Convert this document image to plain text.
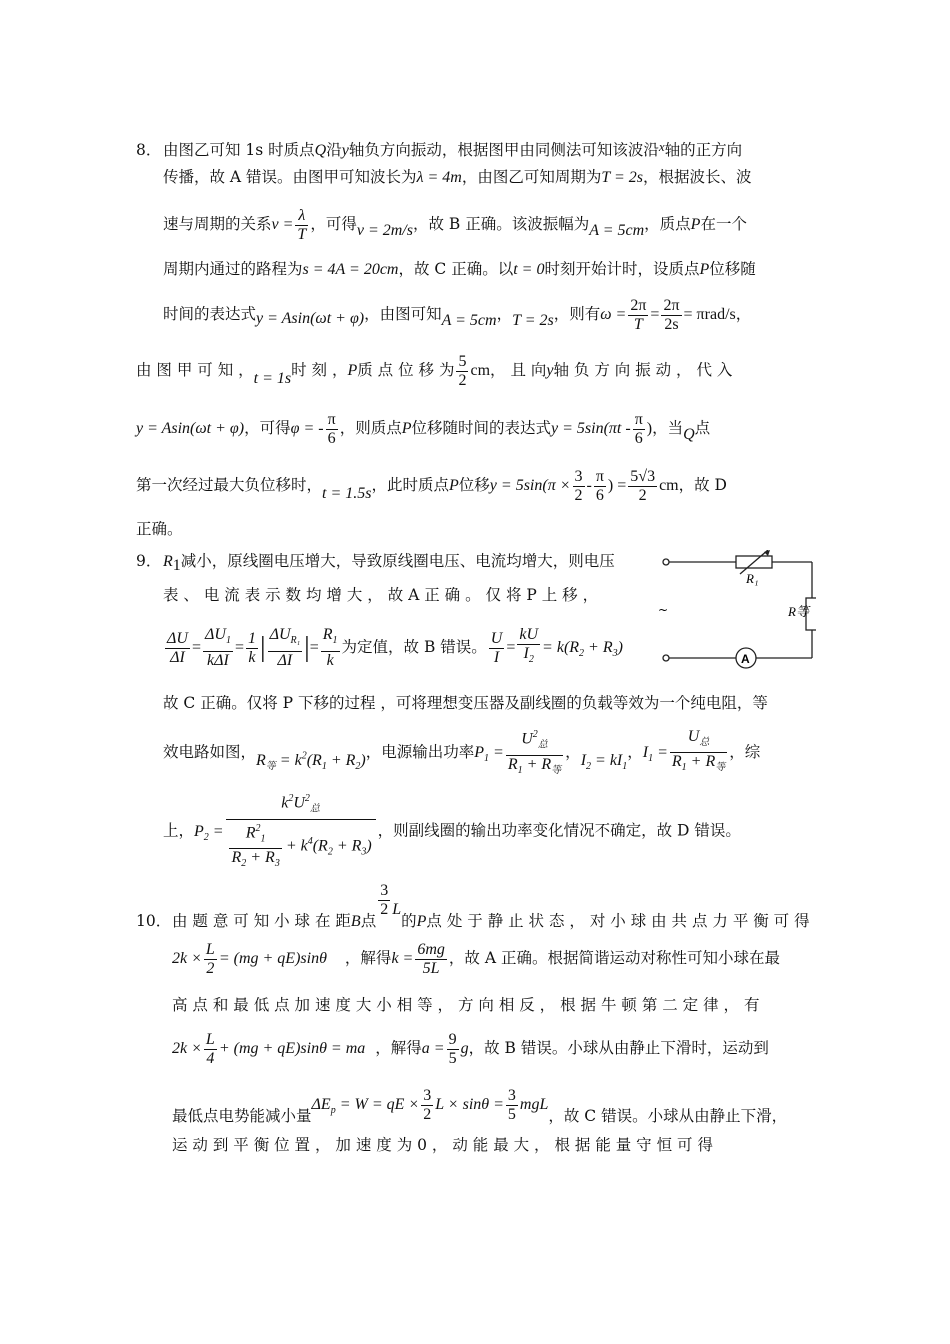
8． 由图乙可知 1s 时质点Q沿y轴负方向振动，根据图甲由同侧法可知该波沿$^x$轴的正方向
传播，故 A 错误。由图甲可知波长为λ = 4m，由图乙可知周期为T = 2s，根据波长、波
速与周期的关系$v = \frac{\lambda}{T}$ ，可得v = 2m/s，故 B 正确。该波振幅为A = 5cm，质点P在一个
周期内通过的路程为s = 4A = 20cm，故 C 正确。以t = 0时刻开始计时，设质点P位移随
时间的表达式y = Asin(ωt + φ)，由图可知A = 5cm，T = 2s，则有$\omega = \frac{2\pi}{T} = \frac{2\pi}{2s} = \pi rad/s$，
由 图 甲 可 知 ，t = 1s时 刻 ，P质 点 位 移 为 $\frac{5}{2}$ cm， 且 向y轴 负 方 向 振 动 ， 代 入
y = Asin(ωt + φ)，可得φ = - $\frac{\pi}{6}$ ，则质点P位移随时间的表达式$y = 5\sin(\pi t - \frac{\pi}{6}$ )，当Q点
第一次经过最大负位移时，t = 1.5s，此时质点P位移$y = 5\sin(\pi \times \frac{3}{2} - \frac{\pi}{6}$ ) = $\frac{5√3}{2}$ cm，故 D
正确。
9． $R_1$减小，原线圈电压增大，导致原线圈电压、电流均增大，则电压
表 、 电 流 表 示 数 均 增 大 ， 故 A 正 确 。 仅 将 P 上 移 ，
$\frac{\Delta U}{\Delta I} = \frac{\Delta U_1}{\text{kΔI}} = \frac{1}{k}$ | $\frac{\Delta U_{R_1}}{\Delta I}$ |= $\frac{R_1}{k}$ 为定值，故 B 错误。 $\frac{U}{I} = \frac{kU}{I_2} = k(R_2 + R_3)$
故 C 正确。仅将 P 下移的过程 ，可将理想变压器及副线圈的负载等效为一个纯电阻，等
效电路如图，$R_等 = k^2(R_1 + R_2)$，电源输出功率$P_1 = \frac{U^2_总}{R_1 + R_等}$ ，$I_2 = kI_1$，$I_1 = \frac{U_总}{R_1 + R_等}$ ，综
上，$P_2 = \frac{k^2U^2_总}{\frac{R^2_1}{R_2 + R_3} + k^4(R_2 + R_3)}$ ，则副线圈的输出功率变化情况不确定，故 D 错误。
R₁
R等
A
~
10．由 题 意 可 知 小 球 在 距B点
$\frac{3}{2}$ L的P点 处 于 静 止 状 态 ， 对 小 球 由 共 点 力 平 衡 可 得
$2k \times \frac{L}{2} = (mg + qE)\sin\theta$ ，解得$k = \frac{6mg}{5L}$ ，故 A 正确。根据简谐运动对称性可知小球在最
高 点 和 最 低 点 加 速 度 大 小 相 等 ， 方 向 相 反 ， 根 据 牛 顿 第 二 定 律 ， 有
$2k \times \frac{L}{4} + (mg + qE)\sin\theta$ = ma ，解得$a = \frac{9}{5}$ g，故 B 错误。小球从由静止下滑时，运动到
最低点电势能减小量$\Delta E_p = W$ = qE × $\frac{3}{2}$ $L \times \sin\theta = \frac{3}{5}$ mgL，故 C 错误。小球从由静止下滑，
运 动 到 平 衡 位 置 ， 加 速 度 为 0 ， 动 能 最 大 ， 根 据 能 量 守 恒 可 得
